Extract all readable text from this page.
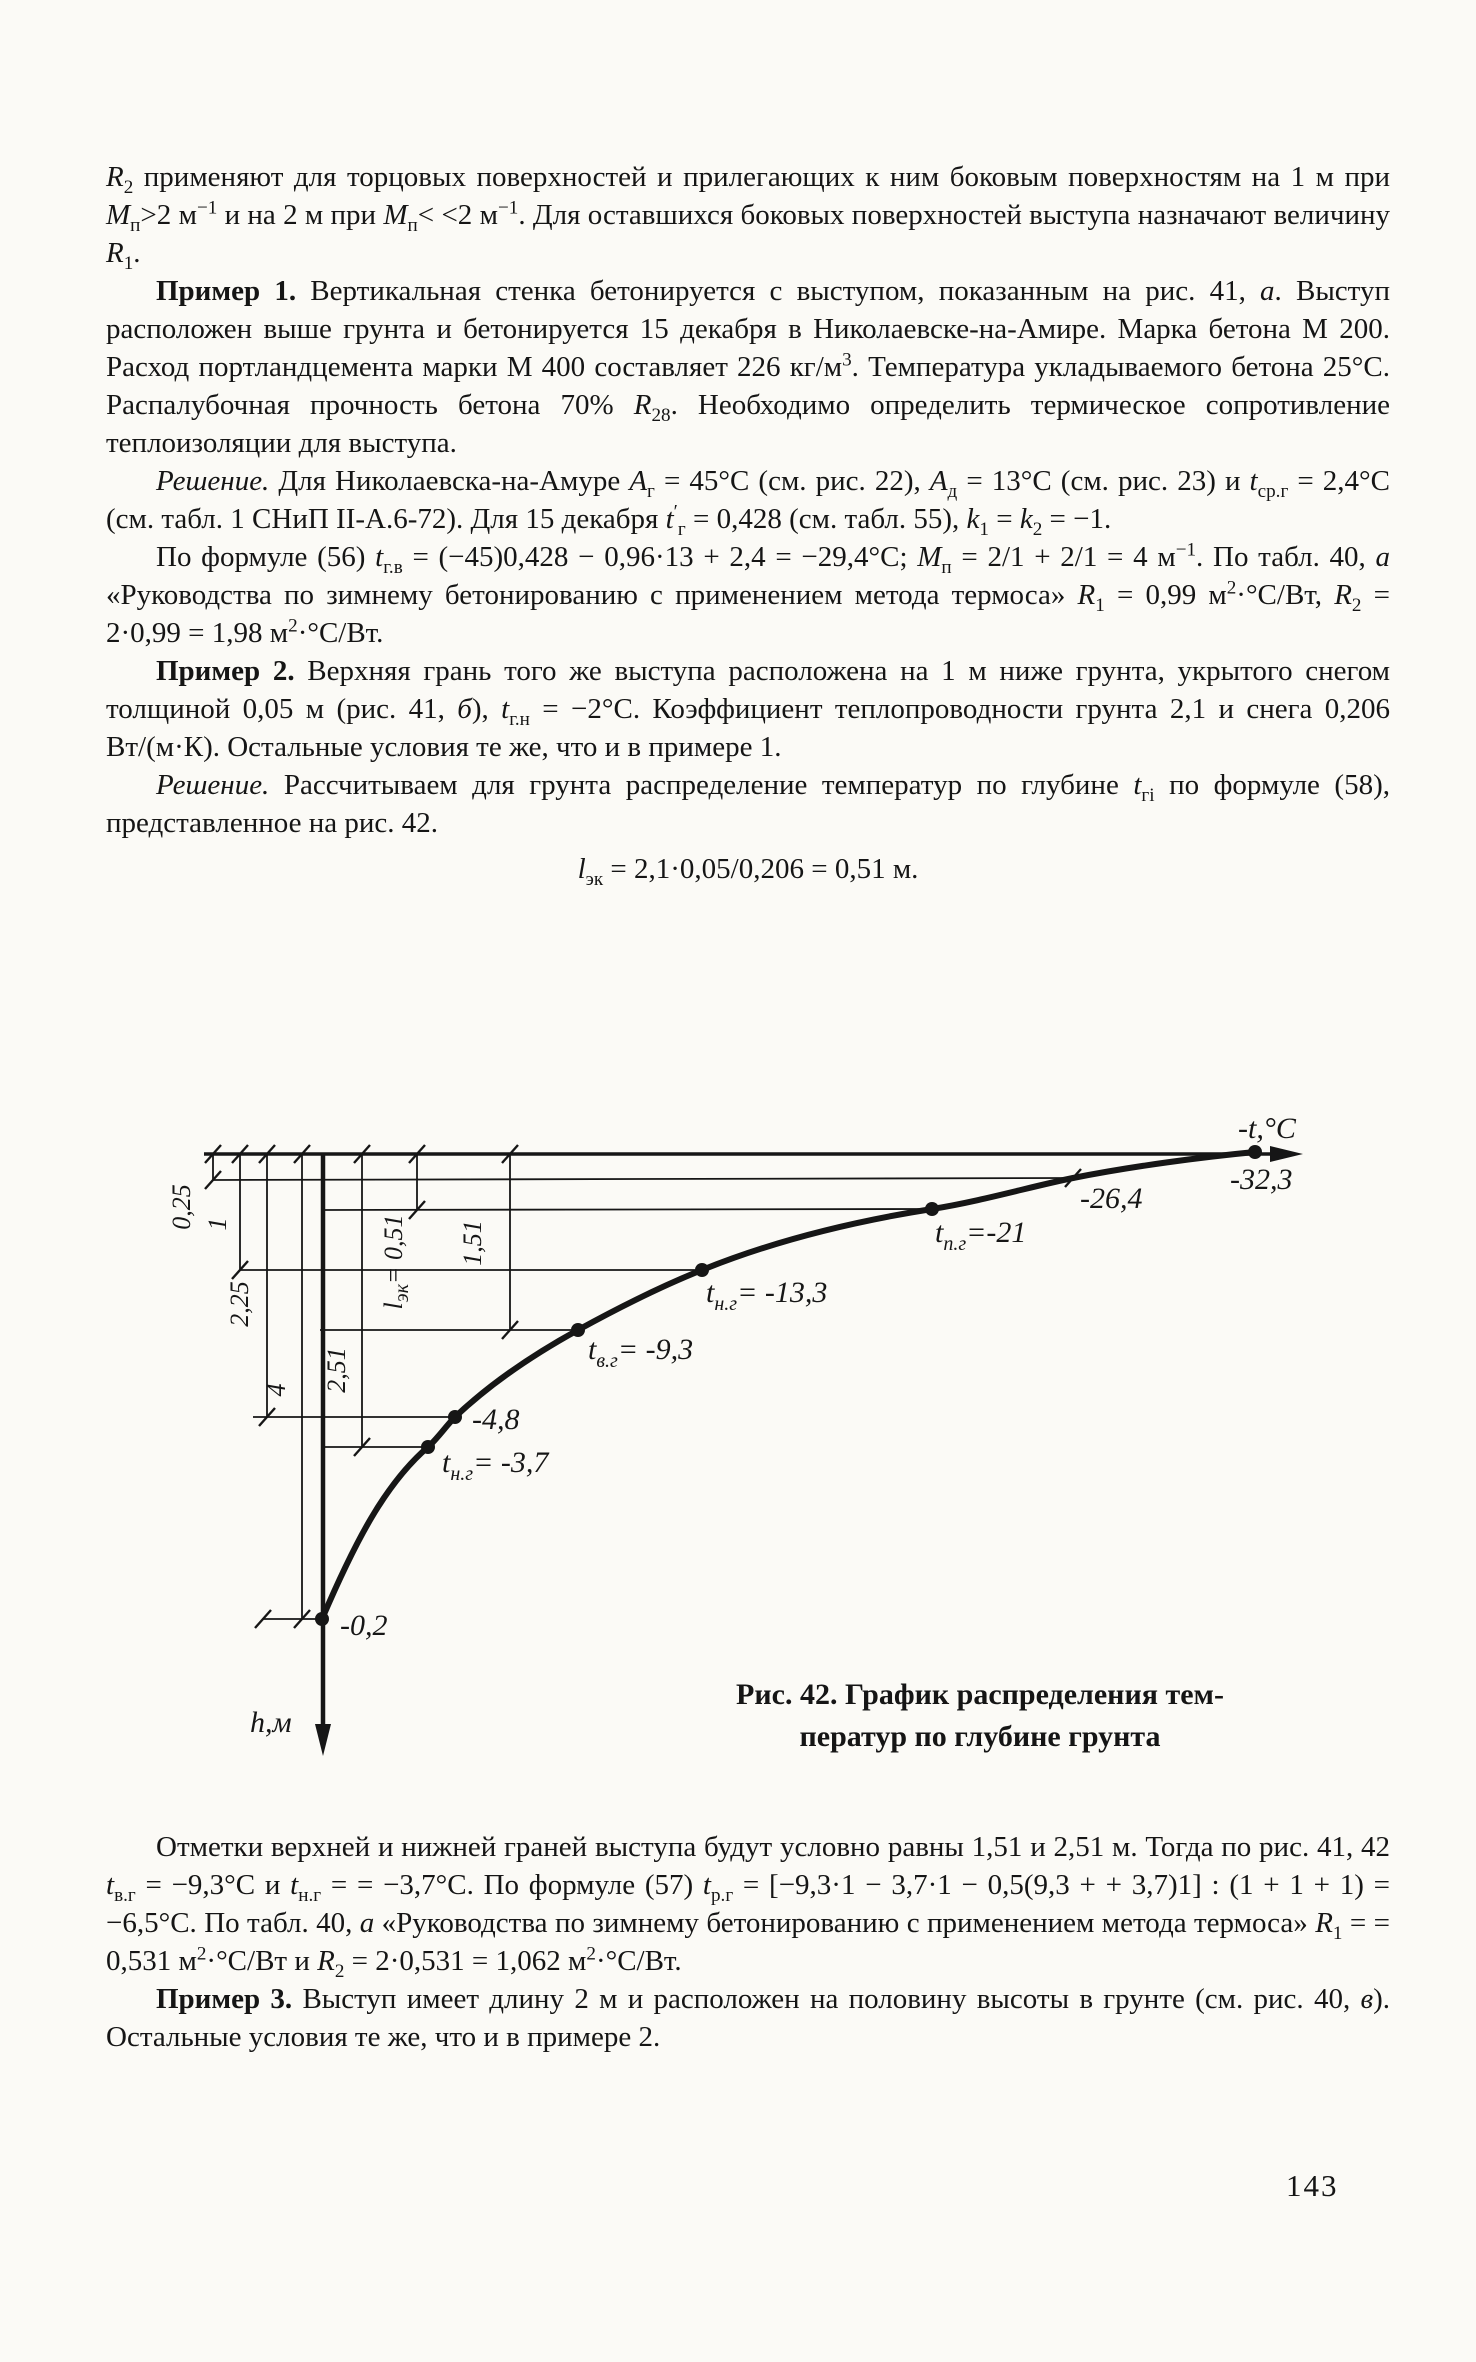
$R_2$ применяют для торцовых поверхностей и прилегающих к ним боковым поверхностям на 1 м при $М_п>2$ $м^{-1}$ и на 2 м при $М_п< <2$ $м^{-1}$. Для оставшихся боковых поверхностей выступа назначают величину $R_1$.

Пример 1. Вертикальная стенка бетонируется с выступом, показанным на рис. 41, а. Выступ расположен выше грунта и бетонируется 15 декабря в Николаевске-на-Амире. Марка бетона М 200. Расход портландцемента марки М 400 составляет 226 $кг/м^3$. Температура укладываемого бетона 25°С. Распалубочная прочность бетона 70% $R_{28}$. Необходимо определить термическое сопротивление теплоизоляции для выступа.

Решение. Для Николаевска-на-Амуре $А_г = 45^\circ С$ (см. рис. 22), $А_д = 13^\circ С$ (см. рис. 23) и $t_{ср.г} = 2,4^\circ С$ (см. табл. 1 СНиП II-А.6-72). Для 15 декабря $t'_г = 0,428$ (см. табл. 55), $k_1 = k_2 = -1$.

По формуле (56) $t_{г.в} = (-45)0,428 - 0,96\cdot 13 + 2,4 = -29,4^\circ С$; $М_п = 2/1 + 2/1 = 4$ $м^{-1}$. По табл. 40, а «Руководства по зимнему бетонированию с применением метода термоса» $R_1 = 0,99$ $м^2\cdot^\circ С/Вт$, $R_2 = 2\cdot 0,99 = 1,98$ $м^2\cdot^\circ С/Вт$.

Пример 2. Верхняя грань того же выступа расположена на 1 м ниже грунта, укрытого снегом толщиной 0,05 м (рис. 41, б), $t_{г.н} = -2^\circ С$. Коэффициент теплопроводности грунта 2,1 и снега 0,206 Вт/(м·К). Остальные условия те же, что и в примере 1.

Решение. Рассчитываем для грунта распределение температур по глубине $t_{гi}$ по формуле (58), представленное на рис. 42.

$l_{эк} = 2,1\cdot 0,05/0,206 = 0,51$ м.

-t,°С
h,м
-32,3
-26,4
$t_{п.г}=-21$
$t_{н.г}= -13,3$
$t_{в.г}= -9,3$
-4,8
$t_{н.г}= -3,7$
-0,2
0,25 1
2,25
4 2,51
$l_{эк}= 0,51$ 1,51
Рис. 42. График распределения тем-
ператур по глубине грунта

Отметки верхней и нижней граней выступа будут условно равны 1,51 и 2,51 м. Тогда по рис. 41, 42 $t_{в.г} = -9,3^\circ С$ и $t_{н.г}$ = = −3,7°С. По формуле (57) $t_{р.г} = [-9,3\cdot 1 - 3,7\cdot 1 - 0,5(9,3$ + + 3,7)1] : (1 + 1 + 1) = −6,5°С. По табл. 40, а «Руководства по зимнему бетонированию с применением метода термоса» $R_1$ = = 0,531 $м^2\cdot^\circ С/Вт$ и $R_2 = 2\cdot 0,531 = 1,062$ $м^2\cdot^\circ С/Вт$.

Пример 3. Выступ имеет длину 2 м и расположен на половину высоты в грунте (см. рис. 40, в). Остальные условия те же, что и в примере 2.

143
